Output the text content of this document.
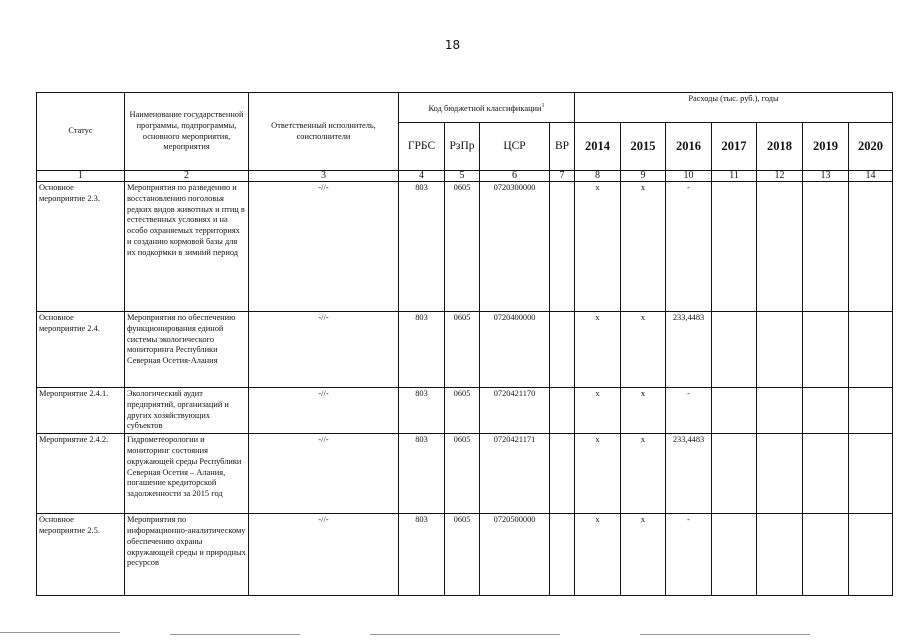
18
Статус	Наименование государственной программы, подпрограммы, основного мероприятия, мероприятия	Ответственный исполнитель, соисполнители	Код бюджетной классификации$^1$				Расходы (тыс. руб.), годы						
			ГРБС	РзПр	ЦСР	ВР	2014	2015	2016	2017	2018	2019	2020
1	2	3	4	5	6	7	8	9	10	11	12	13	14
Основное мероприятие 2.3.	Мероприятия по разведению и восстановлению поголовья редких видов животных и птиц в естественных условиях и на особо охраняемых территориях и созданию кормовой базы для их подкормки в зимний период	-//-	803	0605	0720300000		x	x	-				
Основное мероприятие 2.4.	Мероприятия по обеспечению функционирования единой системы экологического мониторинга Республики Северная Осетия-Алания	-//-	803	0605	0720400000		x	x	233,4483				
Мероприятие 2.4.1.	Экологический аудит предприятий, организаций и других хозяйствующих субъектов	-//-	803	0605	0720421170		x	x	-				
Мероприятие 2.4.2.	Гидрометеорологии и мониторинг состояния окружающей среды Республики Северная Осетия – Алания, погашение кредиторской задолженности за 2015 год	-//-	803	0605	0720421171		x	x	233,4483				
Основное мероприятие 2.5.	Мероприятия по информационно-аналитическому обеспечению охраны окружающей среды и природных ресурсов	-//-	803	0605	0720500000		x	x	-				
